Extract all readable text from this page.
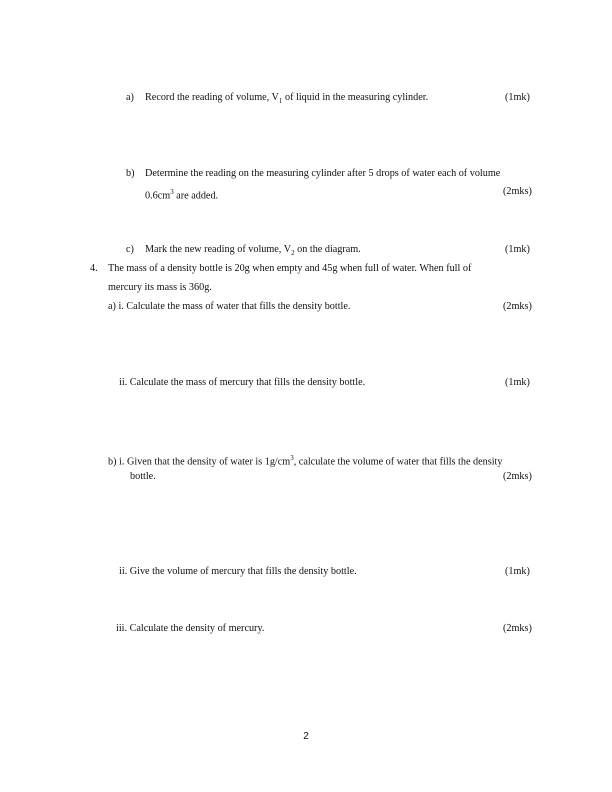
a) Record the reading of volume, $V_1$ of liquid in the measuring cylinder.	(1mk)
b) Determine the reading on the measuring cylinder after 5 drops of water each of volume
$0.6cm^3$ are added.	(2mks)
c) Mark the new reading of volume, $V_2$ on the diagram.	(1mk)
4. The mass of a density bottle is 20g when empty and 45g when full of water. When full of
mercury its mass is 360g.
a) i. Calculate the mass of water that fills the density bottle.	(2mks)
ii. Calculate the mass of mercury that fills the density bottle.	(1mk)
b) i. Given that the density of water is $1g/cm^3$, calculate the volume of water that fills the density
bottle.	(2mks)
ii. Give the volume of mercury that fills the density bottle.	(1mk)
iii. Calculate the density of mercury.	(2mks)
2
